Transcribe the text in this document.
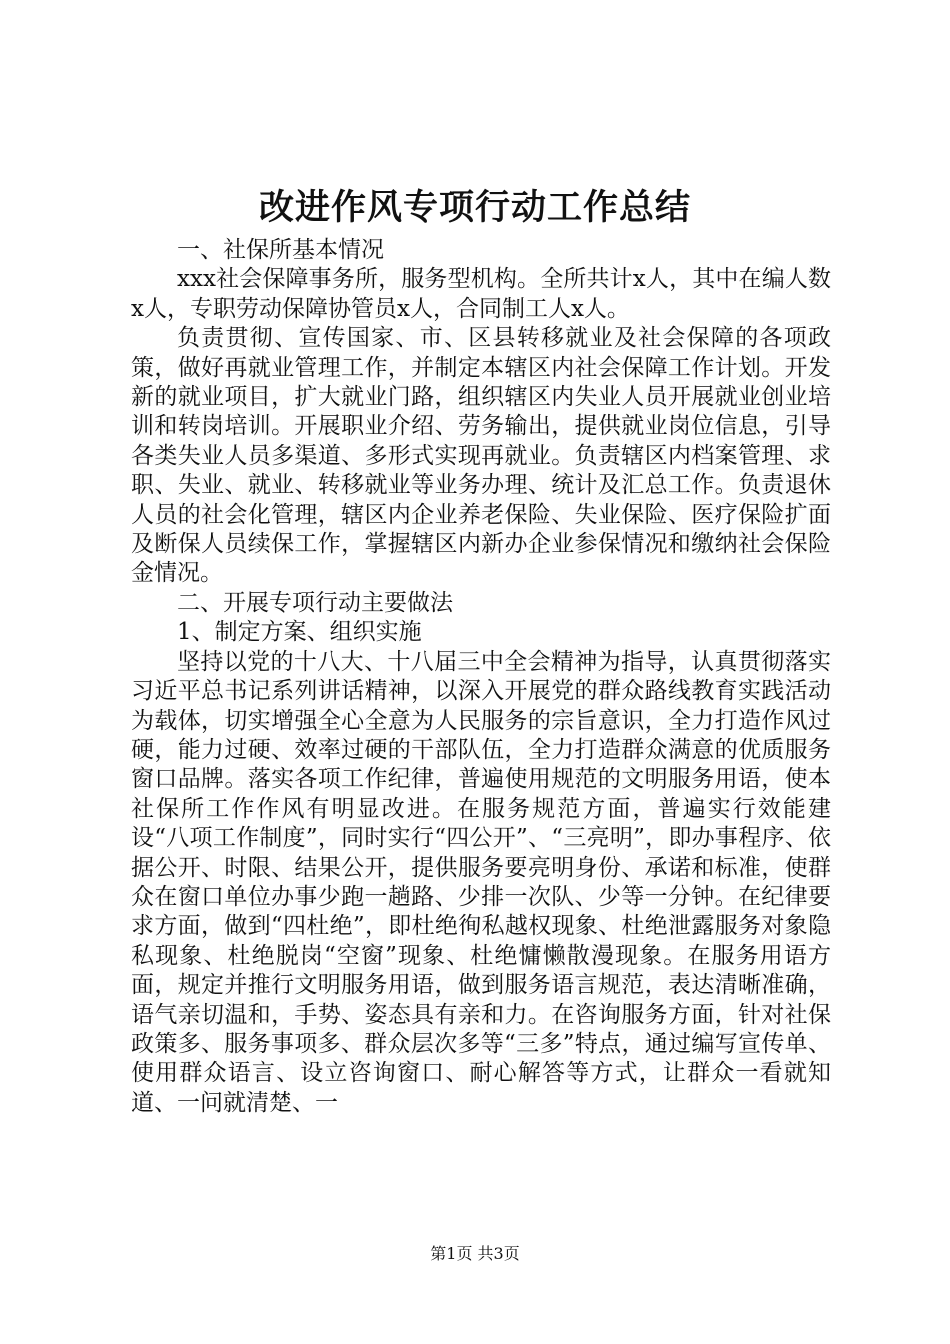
改进作风专项行动工作总结

一、社保所基本情况

xxx社会保障事务所，服务型机构。全所共计x人，其中在编人数x人，专职劳动保障协管员x人，合同制工人x人。

负责贯彻、宣传国家、市、区县转移就业及社会保障的各项政策，做好再就业管理工作，并制定本辖区内社会保障工作计划。开发新的就业项目，扩大就业门路，组织辖区内失业人员开展就业创业培训和转岗培训。开展职业介绍、劳务输出，提供就业岗位信息，引导各类失业人员多渠道、多形式实现再就业。负责辖区内档案管理、求职、失业、就业、转移就业等业务办理、统计及汇总工作。负责退休人员的社会化管理，辖区内企业养老保险、失业保险、医疗保险扩面及断保人员续保工作，掌握辖区内新办企业参保情况和缴纳社会保险金情况。

二、开展专项行动主要做法

1、制定方案、组织实施

坚持以党的十八大、十八届三中全会精神为指导，认真贯彻落实习近平总书记系列讲话精神，以深入开展党的群众路线教育实践活动为载体，切实增强全心全意为人民服务的宗旨意识，全力打造作风过硬，能力过硬、效率过硬的干部队伍，全力打造群众满意的优质服务窗口品牌。落实各项工作纪律，普遍使用规范的文明服务用语，使本社保所工作作风有明显改进。在服务规范方面，普遍实行效能建设“八项工作制度”，同时实行“四公开”、“三亮明”，即办事程序、依据公开、时限、结果公开，提供服务要亮明身份、承诺和标准，使群众在窗口单位办事少跑一趟路、少排一次队、少等一分钟。在纪律要求方面，做到“四杜绝”，即杜绝徇私越权现象、杜绝泄露服务对象隐私现象、杜绝脱岗“空窗”现象、杜绝慵懒散漫现象。在服务用语方面，规定并推行文明服务用语，做到服务语言规范，表达清晰准确，语气亲切温和，手势、姿态具有亲和力。在咨询服务方面，针对社保政策多、服务事项多、群众层次多等“三多”特点，通过编写宣传单、使用群众语言、设立咨询窗口、耐心解答等方式，让群众一看就知道、一问就清楚、一

第1页 共3页
